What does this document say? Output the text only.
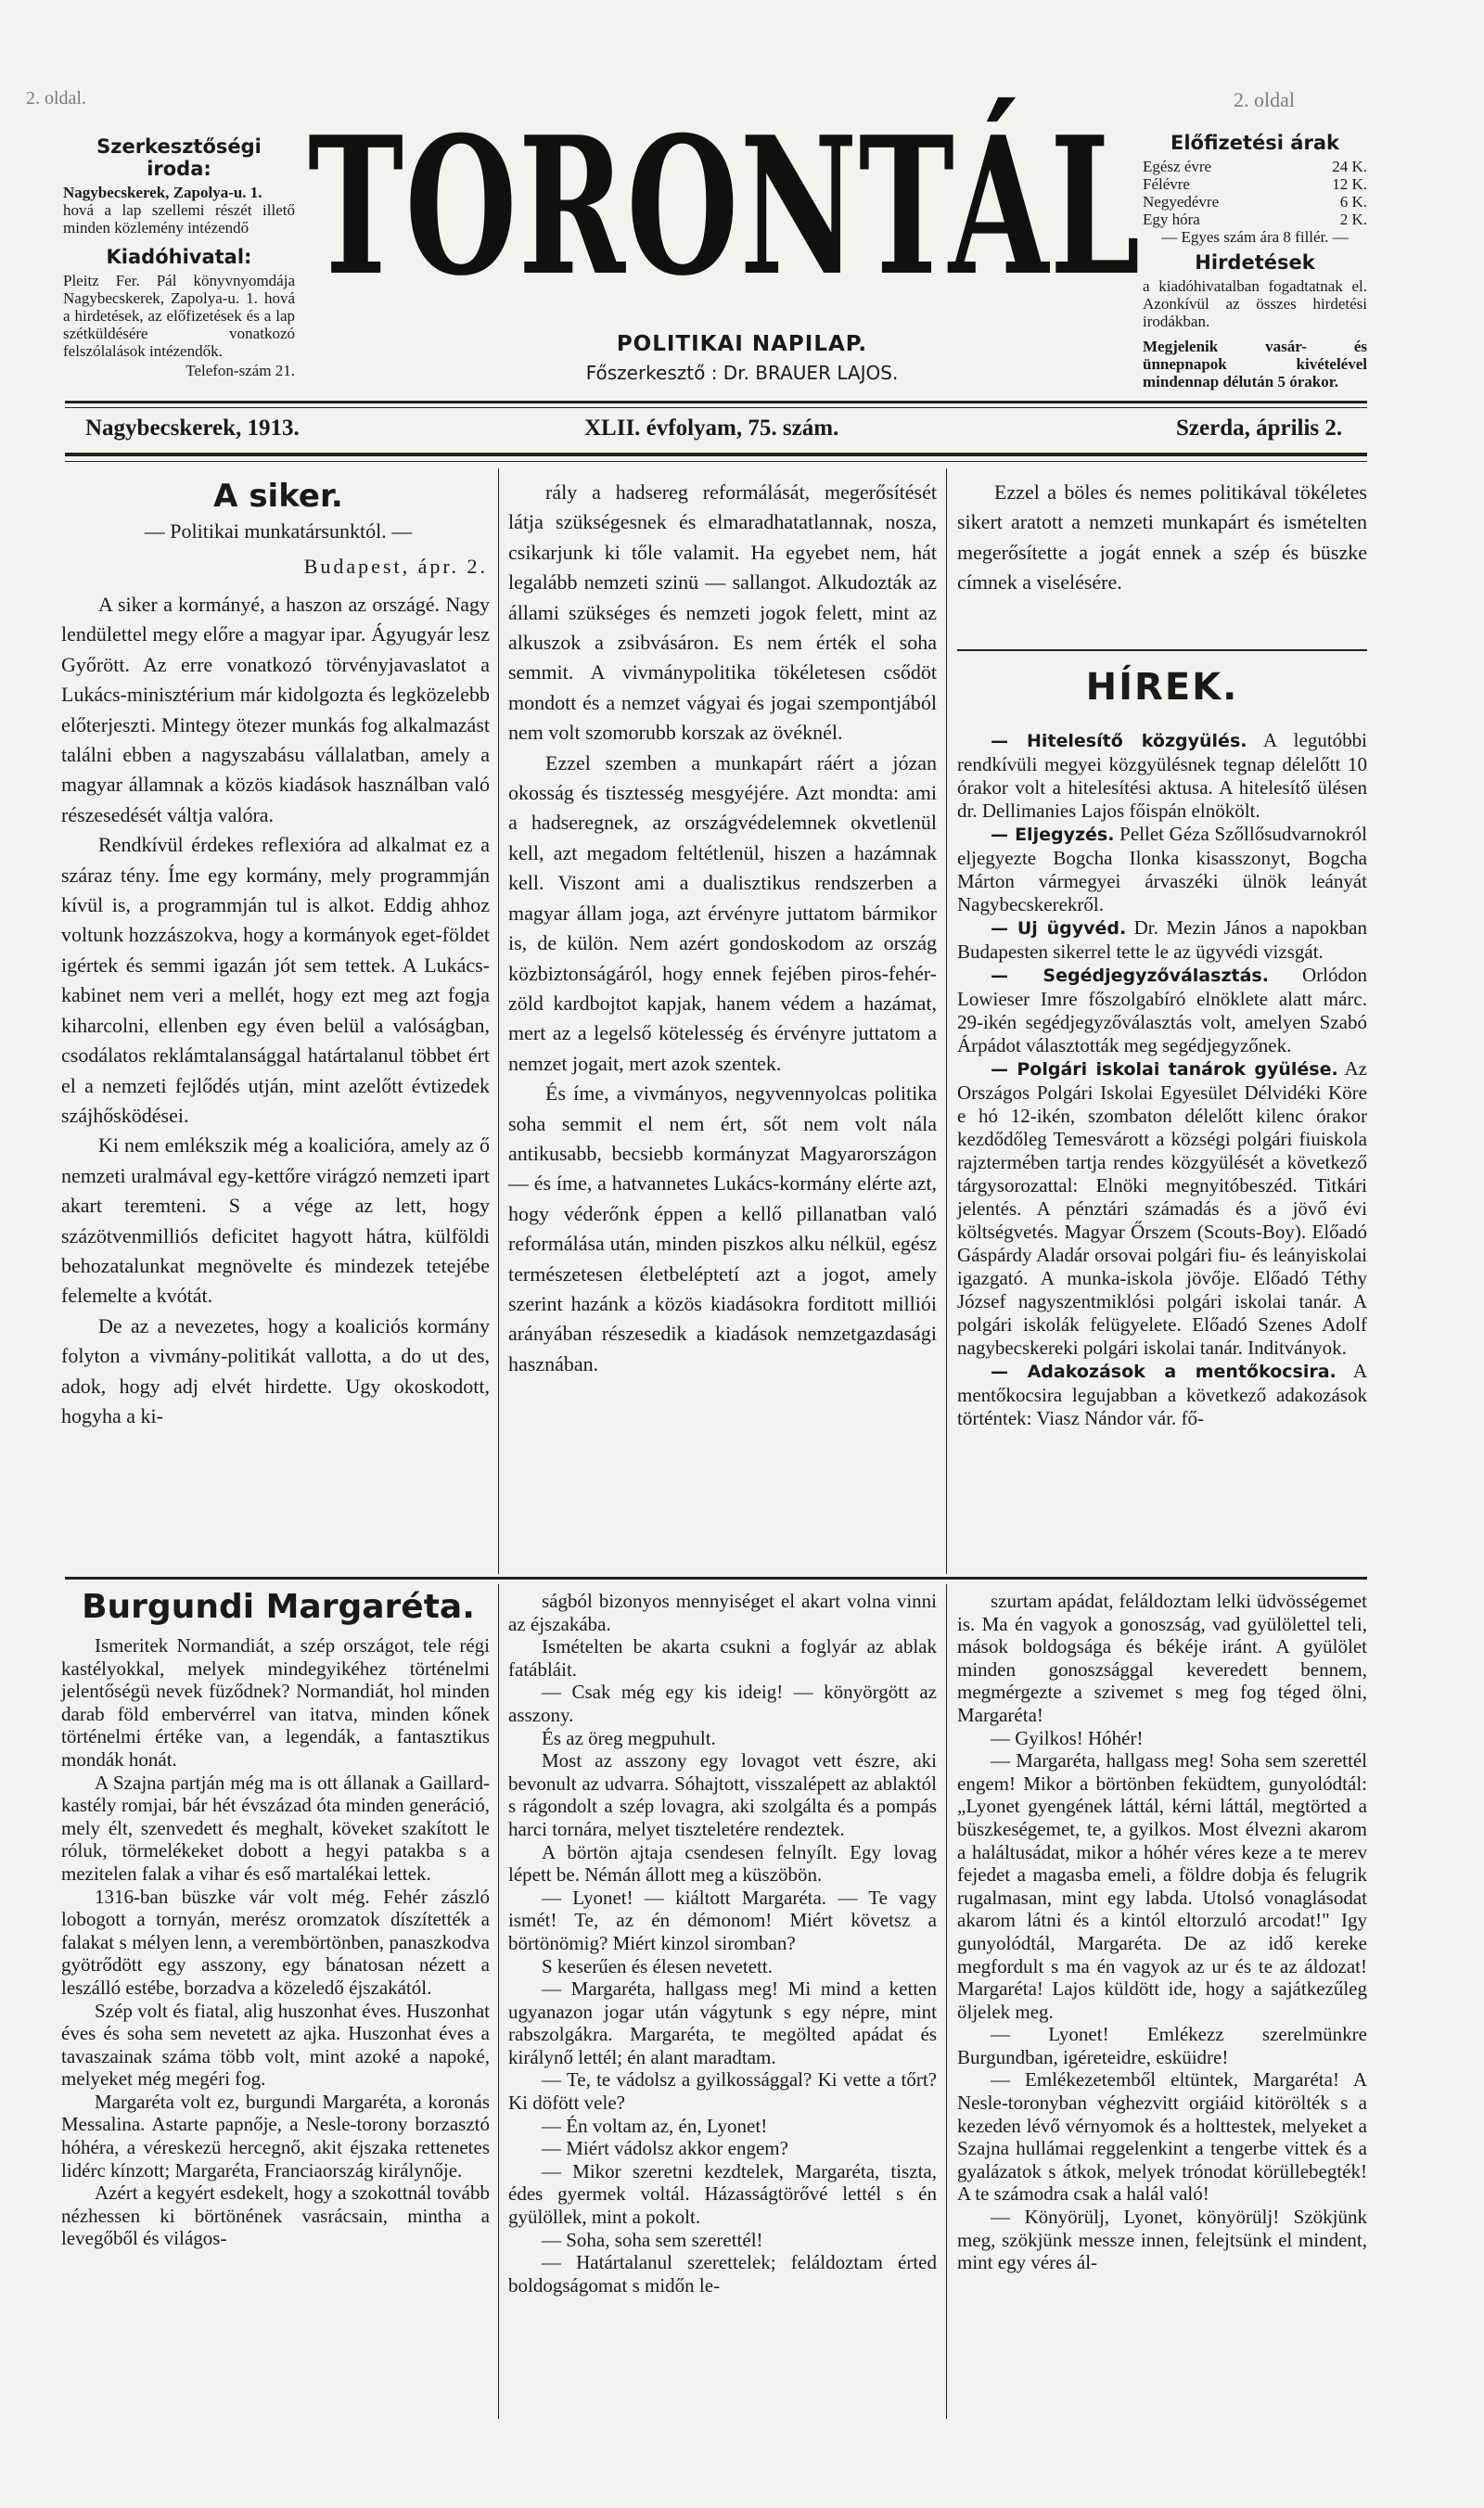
2. oldal.	2. oldal
Szerkesztőségi iroda:
Nagybecskerek, Zapolya-u. 1.
hová a lap szellemi részét illető minden közlemény intézendő
Kiadóhivatal:
Pleitz Fer. Pál könyvnyomdája Nagybecskerek, Zapolya-u. 1. hová a hirdetések, az előfizetések és a lap szétküldésére vonatkozó felszólalások intézendők.
Telefon-szám 21.
TORONTÁL
POLITIKAI NAPILAP.
Főszerkesztő : Dr. BRAUER LAJOS.
Előfizetési árak
Egész évre	24 K.
Félévre	12 K.
Negyedévre	6 K.
Egy hóra	2 K.
— Egyes szám ára 8 fillér. —
Hirdetések
a kiadóhivatalban fogadtatnak el. Azonkívül az összes hirdetési irodákban.
Megjelenik vasár- és ünnepnapok kivételével mindennap délután 5 órakor.
Nagybecskerek, 1913.	XLII. évfolyam, 75. szám.	Szerda, április 2.
A siker.
— Politikai munkatársunktól. —
Budapest, ápr. 2.

A siker a kormányé, a haszon az országé. Nagy lendülettel megy előre a magyar ipar. Ágyugyár lesz Győrött. Az erre vonatkozó törvényjavaslatot a Lukács-minisztérium már kidolgozta és legközelebb előterjeszti. Mintegy ötezer munkás fog alkalmazást találni ebben a nagyszabásu vállalatban, amely a magyar államnak a közös kiadások használban való részesedését váltja valóra.

Rendkívül érdekes reflexióra ad alkalmat ez a száraz tény. Íme egy kormány, mely programmján kívül is, a programmján tul is alkot. Eddig ahhoz voltunk hozzászokva, hogy a kormányok eget-földet igértek és semmi igazán jót sem tettek. A Lukács-kabinet nem veri a mellét, hogy ezt meg azt fogja kiharcolni, ellenben egy éven belül a valóságban, csodálatos reklámtalansággal határtalanul többet ért el a nemzeti fejlődés utján, mint azelőtt évtizedek szájhősködései.

Ki nem emlékszik még a koalicióra, amely az ő nemzeti uralmával egy-kettőre virágzó nemzeti ipart akart teremteni. S a vége az lett, hogy százötvenmilliós deficitet hagyott hátra, külföldi behozatalunkat megnövelte és mindezek tetejébe felemelte a kvótát.

De az a nevezetes, hogy a koaliciós kormány folyton a vivmány-politikát vallotta, a do ut des, adok, hogy adj elvét hirdette. Ugy okoskodott, hogyha a ki-

rály a hadsereg reformálását, megerősítését látja szükségesnek és elmaradhatatlannak, nosza, csikarjunk ki tőle valamit. Ha egyebet nem, hát legalább nemzeti szinü — sallangot. Alkudozták az állami szükséges és nemzeti jogok felett, mint az alkuszok a zsibvásáron. Es nem érték el soha semmit. A vivmánypolitika tökéletesen csődöt mondott és a nemzet vágyai és jogai szempontjából nem volt szomorubb korszak az övéknél.

Ezzel szemben a munkapárt ráért a józan okosság és tisztesség mesgyéjére. Azt mondta: ami a hadseregnek, az országvédelemnek okvetlenül kell, azt megadom feltétlenül, hiszen a hazámnak kell. Viszont ami a dualisztikus rendszerben a magyar állam joga, azt érvényre juttatom bármikor is, de külön. Nem azért gondoskodom az ország közbiztonságáról, hogy ennek fejében piros-fehér-zöld kardbojtot kapjak, hanem védem a hazámat, mert az a legelső kötelesség és érvényre juttatom a nemzet jogait, mert azok szentek.

És íme, a vivmányos, negyvennyolcas politika soha semmit el nem ért, sőt nem volt nála antikusabb, becsiebb kormányzat Magyarországon — és íme, a hatvannetes Lukács-kormány elérte azt, hogy véderőnk éppen a kellő pillanatban való reformálása után, minden piszkos alku nélkül, egész természetesen életbeléptetí azt a jogot, amely szerint hazánk a közös kiadásokra forditott milliói arányában részesedik a kiadások nemzetgazdasági hasznában.

Ezzel a böles és nemes politikával tökéletes sikert aratott a nemzeti munkapárt és ismételten megerősítette a jogát ennek a szép és büszke címnek a viselésére.

HÍREK.

— Hitelesítő közgyülés. A legutóbbi rendkívüli megyei közgyülésnek tegnap délelőtt 10 órakor volt a hitelesítési aktusa. A hitelesítő ülésen dr. Dellimanies Lajos főispán elnökölt.

— Eljegyzés. Pellet Géza Szőllősudvarnokról eljegyezte Bogcha Ilonka kisasszonyt, Bogcha Márton vármegyei árvaszéki ülnök leányát Nagybecskerekről.

— Uj ügyvéd. Dr. Mezin János a napokban Budapesten sikerrel tette le az ügyvédi vizsgát.

— Segédjegyzőválasztás. Orlódon Lowieser Imre főszolgabíró elnöklete alatt márc. 29-ikén segédjegyzőválasztás volt, amelyen Szabó Árpádot választották meg segédjegyzőnek.

— Polgári iskolai tanárok gyülése. Az Országos Polgári Iskolai Egyesület Délvidéki Köre e hó 12-ikén, szombaton délelőtt kilenc órakor kezdődőleg Temesvárott a községi polgári fiuiskola rajztermében tartja rendes közgyülését a következő tárgysorozattal: Elnöki megnyitóbeszéd. Titkári jelentés. A pénztári számadás és a jövő évi költségvetés. Magyar Őrszem (Scouts-Boy). Előadó Gáspárdy Aladár orsovai polgári fiu- és leányiskolai igazgató. A munka-iskola jövője. Előadó Téthy József nagyszentmiklósi polgári iskolai tanár. A polgári iskolák felügyelete. Előadó Szenes Adolf nagybecskereki polgári iskolai tanár. Inditványok.

— Adakozások a mentőkocsira. A mentőkocsira legujabban a következő adakozások történtek: Viasz Nándor vár. fő-

Burgundi Margaréta.

Ismeritek Normandiát, a szép országot, tele régi kastélyokkal, melyek mindegyikéhez történelmi jelentőségü nevek füződnek? Normandiát, hol minden darab föld embervérrel van itatva, minden kőnek történelmi értéke van, a legendák, a fantasztikus mondák honát.

A Szajna partján még ma is ott állanak a Gaillard-kastély romjai, bár hét évszázad óta minden generáció, mely élt, szenvedett és meghalt, köveket szakított le róluk, törmelékeket dobott a hegyi patakba s a mezitelen falak a vihar és eső martalékai lettek.

1316-ban büszke vár volt még. Fehér zászló lobogott a tornyán, merész oromzatok díszítették a falakat s mélyen lenn, a verembörtönben, panaszkodva gyötrődött egy asszony, egy bánatosan nézett a leszálló estébe, borzadva a közeledő éjszakától.

Szép volt és fiatal, alig huszonhat éves. Huszonhat éves és soha sem nevetett az ajka. Huszonhat éves a tavaszainak száma több volt, mint azoké a napoké, melyeket még megéri fog.

Margaréta volt ez, burgundi Margaréta, a koronás Messalina. Astarte papnője, a Nesle-torony borzasztó hóhéra, a véreskezü hercegnő, akit éjszaka rettenetes lidérc kínzott; Margaréta, Franciaország királynője.

Azért a kegyért esdekelt, hogy a szokottnál tovább nézhessen ki börtönének vasrácsain, mintha a levegőből és világos-

ságból bizonyos mennyiséget el akart volna vinni az éjszakába.

Ismételten be akarta csukni a foglyár az ablak fatábláit.

— Csak még egy kis ideig! — könyörgött az asszony.

És az öreg megpuhult.

Most az asszony egy lovagot vett észre, aki bevonult az udvarra. Sóhajtott, visszalépett az ablaktól s rágondolt a szép lovagra, aki szolgáltа és a pompás harci tornára, melyet tiszteletére rendeztek.

A börtön ajtaja csendesen felnyílt. Egy lovag lépett be. Némán állott meg a küszöbön.

— Lyonet! — kiáltott Margaréta. — Te vagy ismét! Te, az én démonom! Miért követsz a börtönömig? Miért kinzol siromban?

S keserűen és élesen nevetett.

— Margaréta, hallgass meg! Mi mind a ketten ugyanazon jogar után vágytunk s egy népre, mint rabszolgákra. Margaréta, te megölted apádat és királynő lettél; én alant maradtam.

— Te, te vádolsz a gyilkossággal? Ki vette a tőrt? Ki döfött vele?

— Én voltam az, én, Lyonet!

— Miért vádolsz akkor engem?

— Mikor szeretni kezdtelek, Margaréta, tiszta, édes gyermek voltál. Házasságtörővé lettél s én gyülöllek, mint a pokolt.

— Soha, soha sem szerettél!

— Határtalanul szerettelek; feláldoztam érted boldogságomat s midőn le-

szurtam apádat, feláldoztam lelki üdvösségemet is. Ma én vagyok a gonoszság, vad gyülölettel teli, mások boldogsága és békéje iránt. A gyülölet minden gonoszsággal keveredett bennem, megmérgezte a szivemet s meg fog téged ölni, Margaréta!

— Gyilkos! Hóhér!

— Margaréta, hallgass meg! Soha sem szerettél engem! Mikor a börtönben feküdtem, gunyolódtál: „Lyonet gyengének láttál, kérni láttál, megtörted a büszkeségemet, te, a gyilkos. Most élvezni akarom a haláltusádat, mikor a hóhér véres keze a te merev fejedet a magasba emeli, a földre dobja és felugrik rugalmasan, mint egy labda. Utolsó vonaglásodat akarom látni és a kintól eltorzuló arcodat!" Igy gunyolódtál, Margaréta. De az idő kereke megfordult s ma én vagyok az ur és te az áldozat! Margaréta! Lajos küldött ide, hogy a sajátkezűleg öljelek meg.

— Lyonet! Emlékezz szerelmünkre Burgundban, igéreteidre, esküidre!

— Emlékezetemből eltüntek, Margaréta! A Nesle-toronyban véghezvitt orgiáid kitörölték s a kezeden lévő vérnyomok és a holttestek, melyeket a Szajna hullámai reggelenkint a tengerbe vittek és a gyalázatok s átkok, melyek trónodat körüllebegték! A te számodra csak a halál való!

— Könyörülj, Lyonet, könyörülj! Szökjünk meg, szökjünk messze innen, felejtsünk el mindent, mint egy véres ál-
